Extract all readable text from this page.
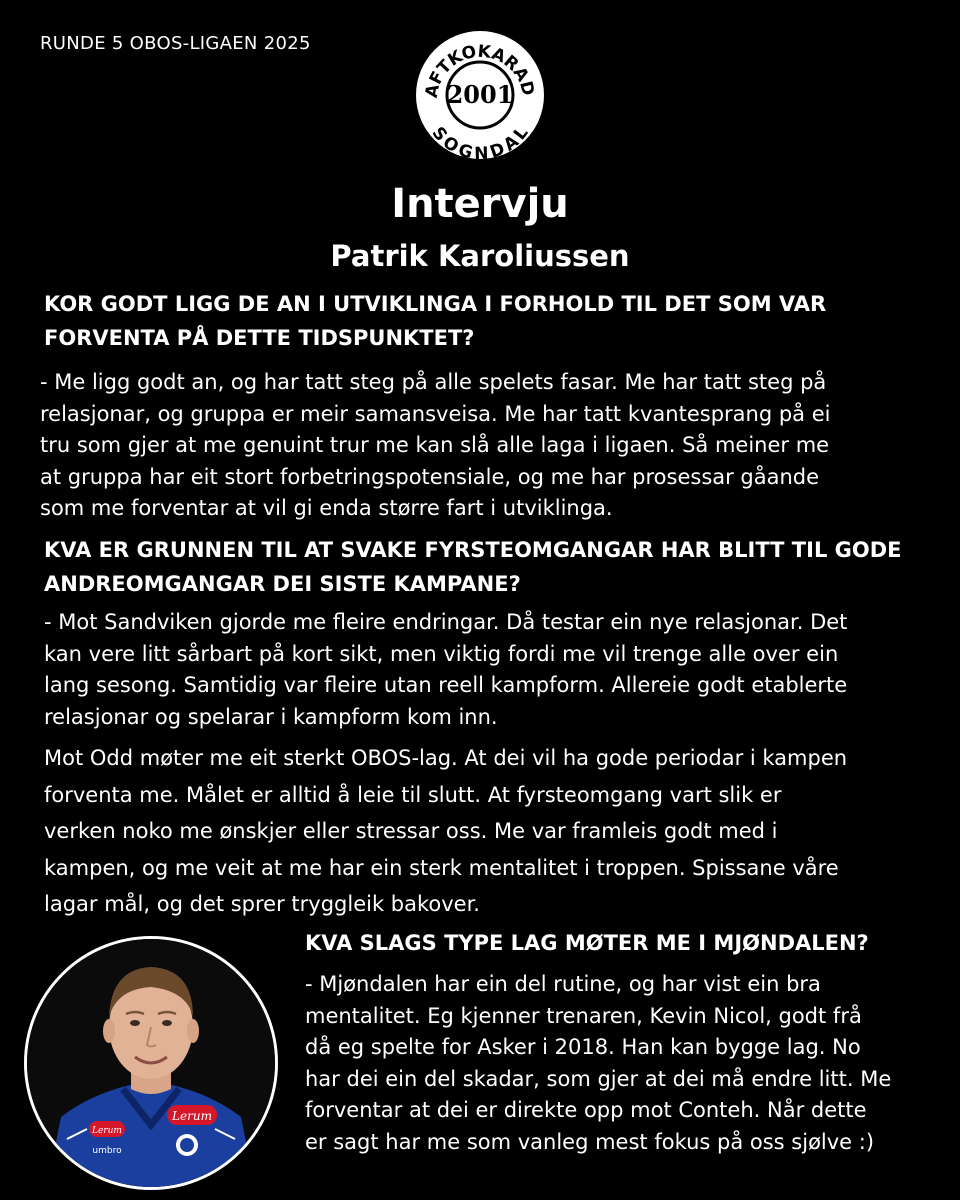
RUNDE 5 OBOS-LIGAEN 2025
AFTKOKARAD
2001
SOGNDAL
Intervju
Patrik Karoliussen
KOR GODT LIGG DE AN I UTVIKLINGA I FORHOLD TIL DET SOM VAR
FORVENTA PÅ DETTE TIDSPUNKTET?
- Me ligg godt an, og har tatt steg på alle spelets fasar. Me har tatt steg på
relasjonar, og gruppa er meir samansveisa. Me har tatt kvantesprang på ei
tru som gjer at me genuint trur me kan slå alle laga i ligaen. Så meiner me
at gruppa har eit stort forbetringspotensiale, og me har prosessar gåande
som me forventar at vil gi enda større fart i utviklinga.
KVA ER GRUNNEN TIL AT SVAKE FYRSTEOMGANGAR HAR BLITT TIL GODE
ANDREOMGANGAR DEI SISTE KAMPANE?
- Mot Sandviken gjorde me fleire endringar. Då testar ein nye relasjonar. Det
kan vere litt sårbart på kort sikt, men viktig fordi me vil trenge alle over ein
lang sesong. Samtidig var fleire utan reell kampform. Allereie godt etablerte
relasjonar og spelarar i kampform kom inn.
Mot Odd møter me eit sterkt OBOS-lag. At dei vil ha gode periodar i kampen
forventa me. Målet er alltid å leie til slutt. At fyrsteomgang vart slik er
verken noko me ønskjer eller stressar oss. Me var framleis godt med i
kampen, og me veit at me har ein sterk mentalitet i troppen. Spissane våre
lagar mål, og det sprer tryggleik bakover.
KVA SLAGS TYPE LAG MØTER ME I MJØNDALEN?
- Mjøndalen har ein del rutine, og har vist ein bra
mentalitet. Eg kjenner trenaren, Kevin Nicol, godt frå
då eg spelte for Asker i 2018. Han kan bygge lag. No
har dei ein del skadar, som gjer at dei må endre litt. Me
forventar at dei er direkte opp mot Conteh. Når dette
er sagt har me som vanleg mest fokus på oss sjølve :)
Lerum
Lerum
umbro
